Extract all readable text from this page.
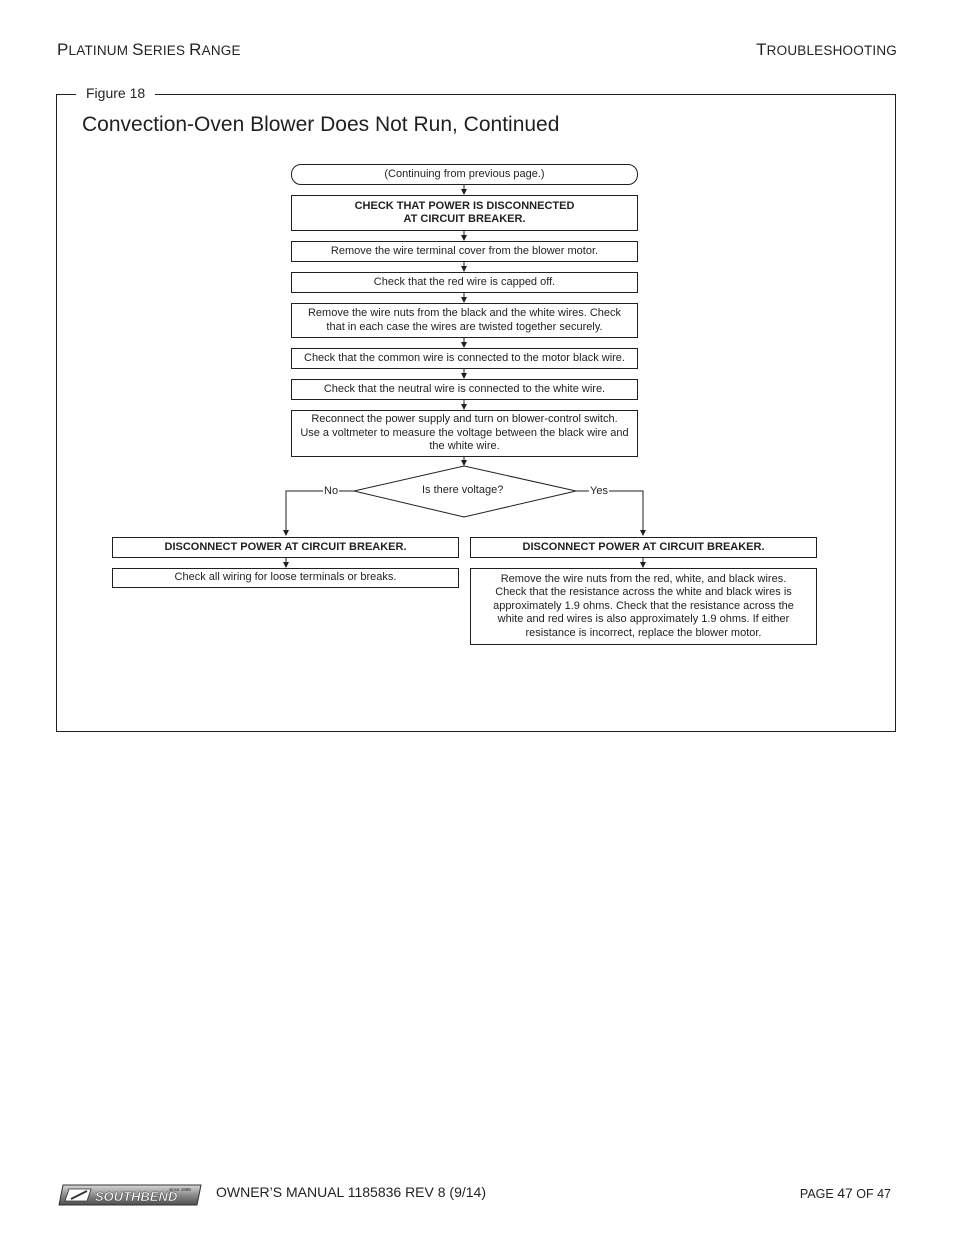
PLATINUM SERIES RANGE	TROUBLESHOOTING
Figure 18
Convection-Oven Blower Does Not Run, Continued
(Continuing from previous page.)
CHECK THAT POWER IS DISCONNECTED
AT CIRCUIT BREAKER.
Remove the wire terminal cover from the blower motor.
Check that the red wire is capped off.
Remove the wire nuts from the black and the white wires. Check
that in each case the wires are twisted together securely.
Check that the common wire is connected to the motor black wire.
Check that the neutral wire is connected to the white wire.
Reconnect the power supply and turn on blower-control switch.
Use a voltmeter to measure the voltage between the black wire and
the white wire.
Is there voltage?
No	Yes
DISCONNECT POWER AT CIRCUIT BREAKER.
Check all wiring for loose terminals or breaks.
DISCONNECT POWER AT CIRCUIT BREAKER.
Remove the wire nuts from the red, white, and black wires.
Check that the resistance across the white and black wires is
approximately 1.9 ohms. Check that the resistance across the
white and red wires is also approximately 1.9 ohms. If either
resistance is incorrect, replace the blower motor.
SOUTHBEND
since 1898 OWNER’S MANUAL 1185836 REV 8 (9/14)	PAGE 47 OF 47
